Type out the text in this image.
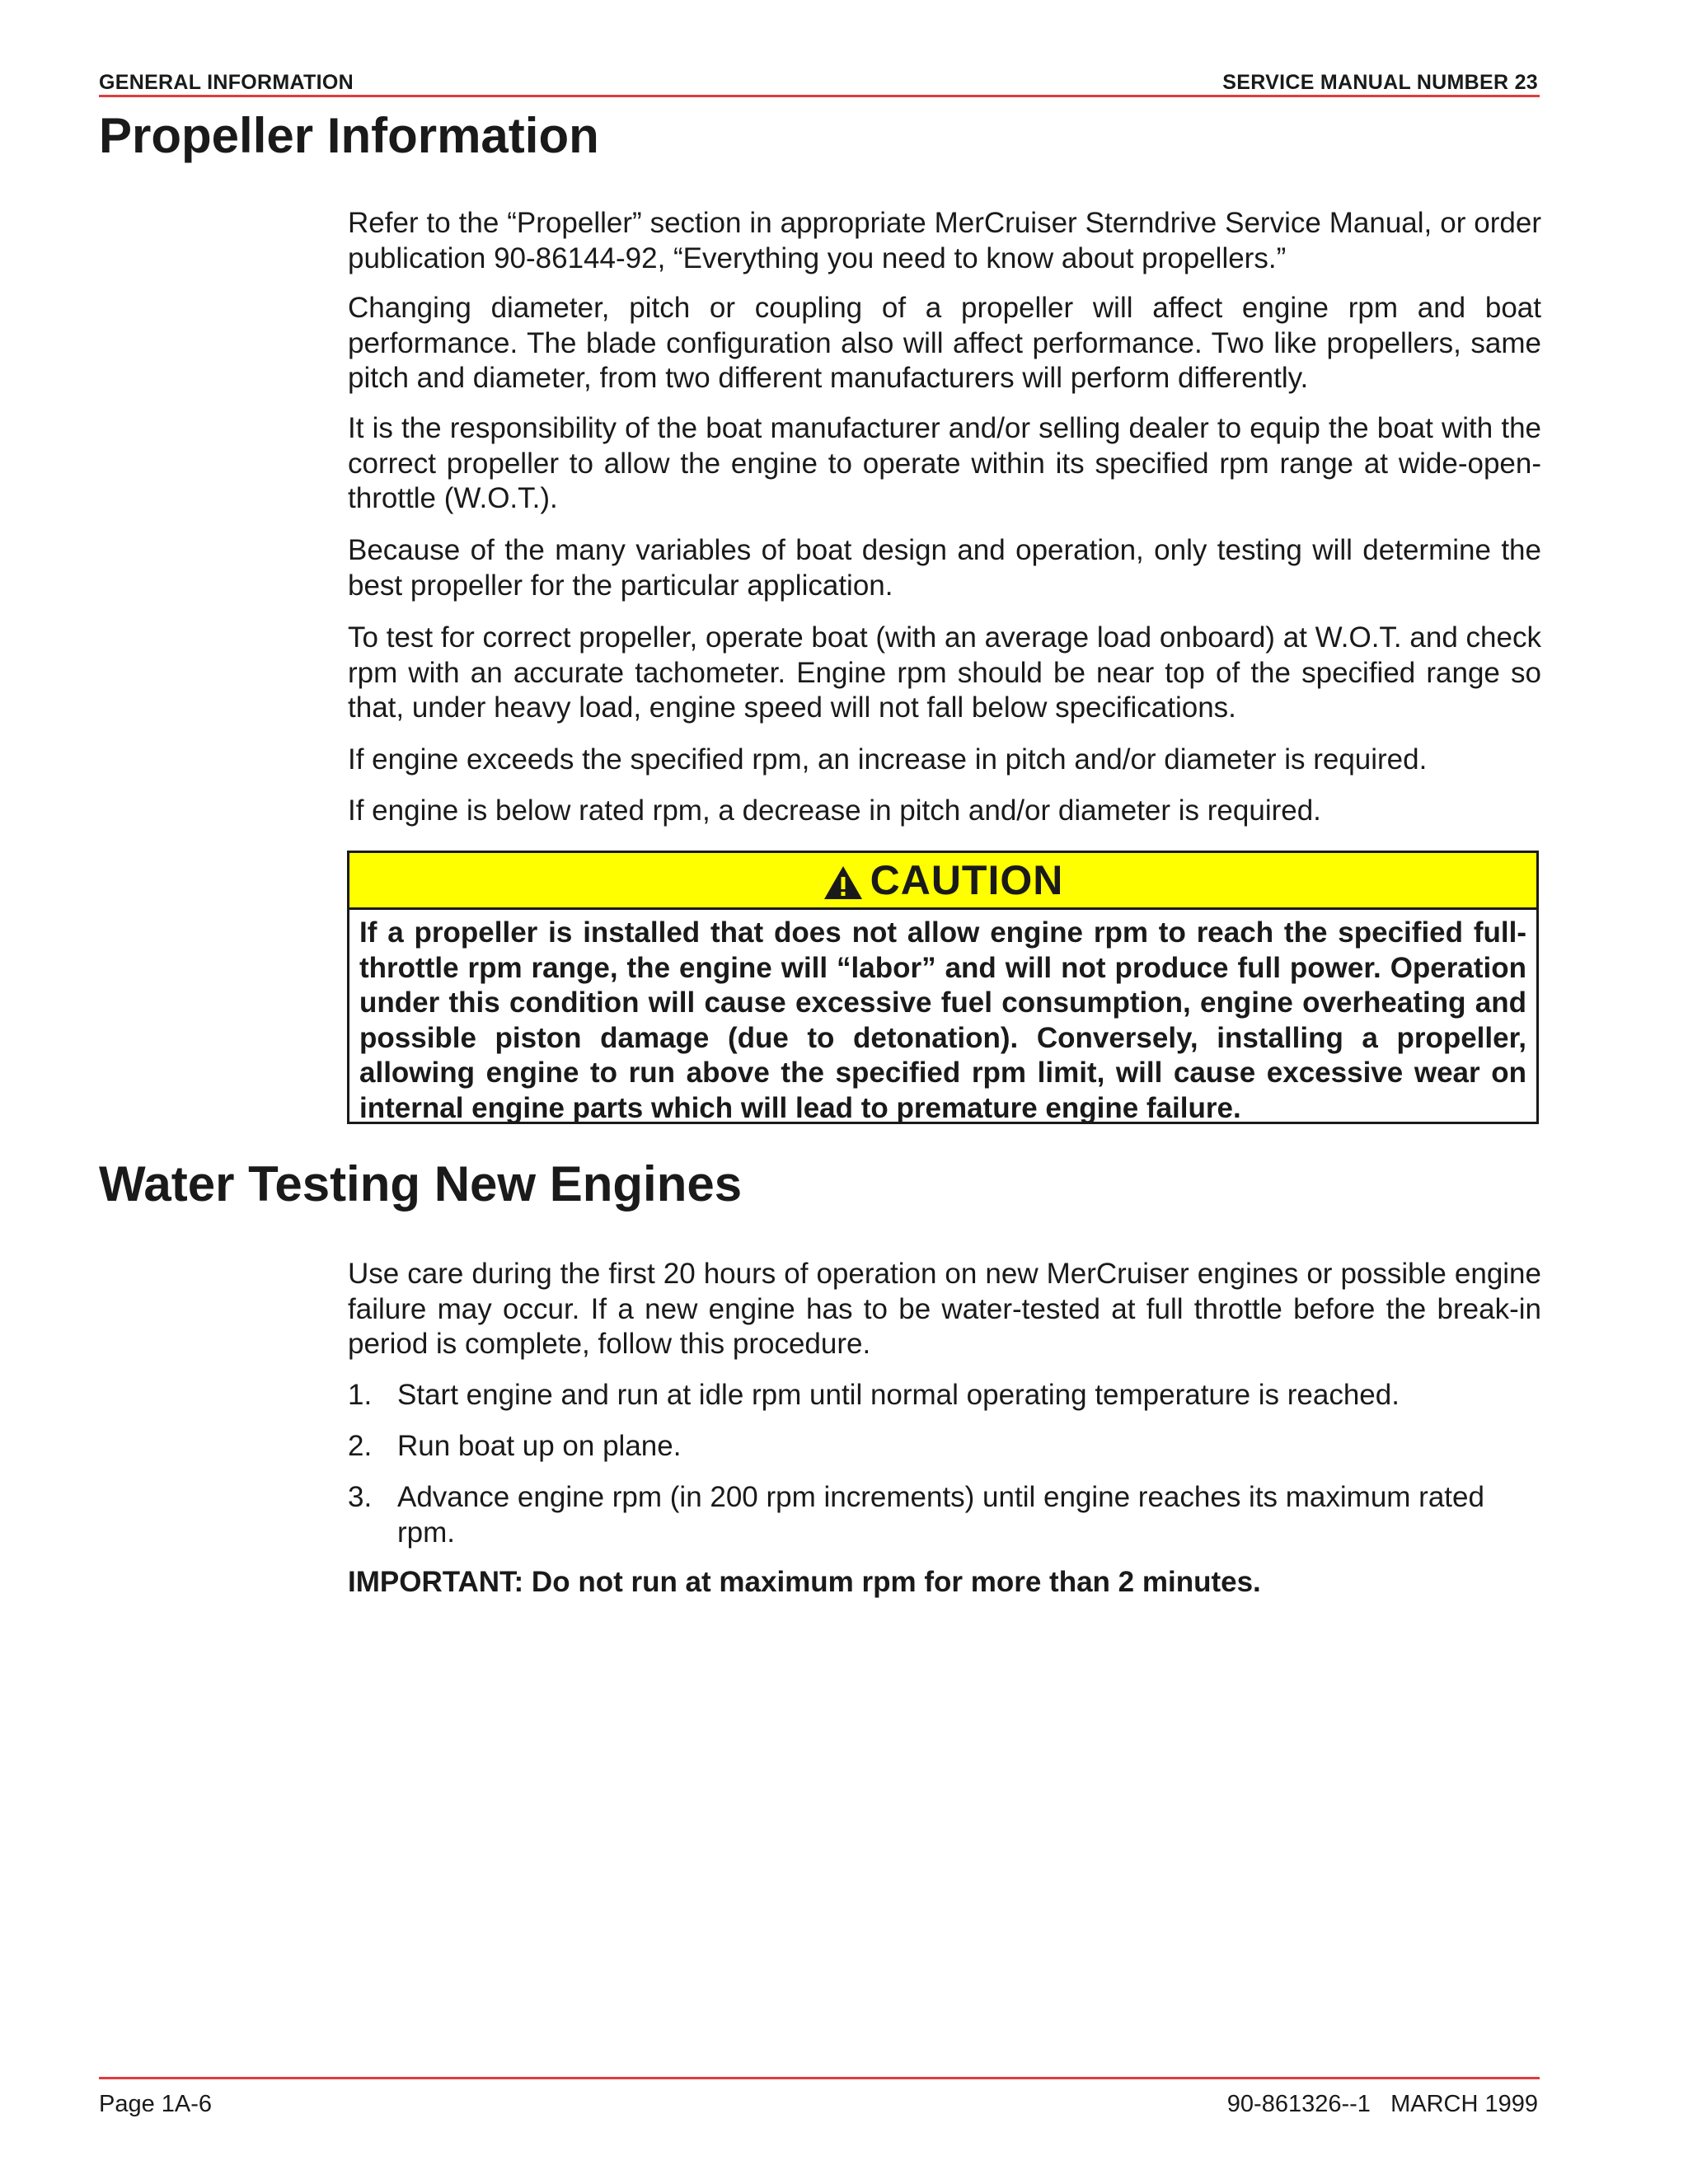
GENERAL INFORMATION	SERVICE MANUAL NUMBER 23
Propeller Information

Refer to the “Propeller” section in appropriate MerCruiser Sterndrive Service Manual, or order publication 90-86144-92, “Everything you need to know about propellers.”

Changing diameter, pitch or coupling of a propeller will affect engine rpm and boat performance. The blade configuration also will affect performance. Two like propellers, same pitch and diameter, from two different manufacturers will perform differently.

It is the responsibility of the boat manufacturer and/or selling dealer to equip the boat with the correct propeller to allow the engine to operate within its specified rpm range at wide-open-throttle (W.O.T.).

Because of the many variables of boat design and operation, only testing will determine the best propeller for the particular application.

To test for correct propeller, operate boat (with an average load onboard) at W.O.T. and check rpm with an accurate tachometer. Engine rpm should be near top of the specified range so that, under heavy load, engine speed will not fall below specifications.

If engine exceeds the specified rpm, an increase in pitch and/or diameter is required.

If engine is below rated rpm, a decrease in pitch and/or diameter is required.

CAUTION

If a propeller is installed that does not allow engine rpm to reach the specified full-throttle rpm range, the engine will “labor” and will not produce full power. Operation under this condition will cause excessive fuel consumption, engine overheating and possible piston damage (due to detonation). Conversely, installing a propeller, allowing engine to run above the specified rpm limit, will cause excessive wear on internal engine parts which will lead to premature engine failure.

Water Testing New Engines

Use care during the first 20 hours of operation on new MerCruiser engines or possible engine failure may occur. If a new engine has to be water-tested at full throttle before the break-in period is complete, follow this procedure.

1. Start engine and run at idle rpm until normal operating temperature is reached.
2. Run boat up on plane.
3. Advance engine rpm (in 200 rpm increments) until engine reaches its maximum rated rpm.
IMPORTANT: Do not run at maximum rpm for more than 2 minutes.
Page 1A-6	90-861326--1   MARCH 1999
